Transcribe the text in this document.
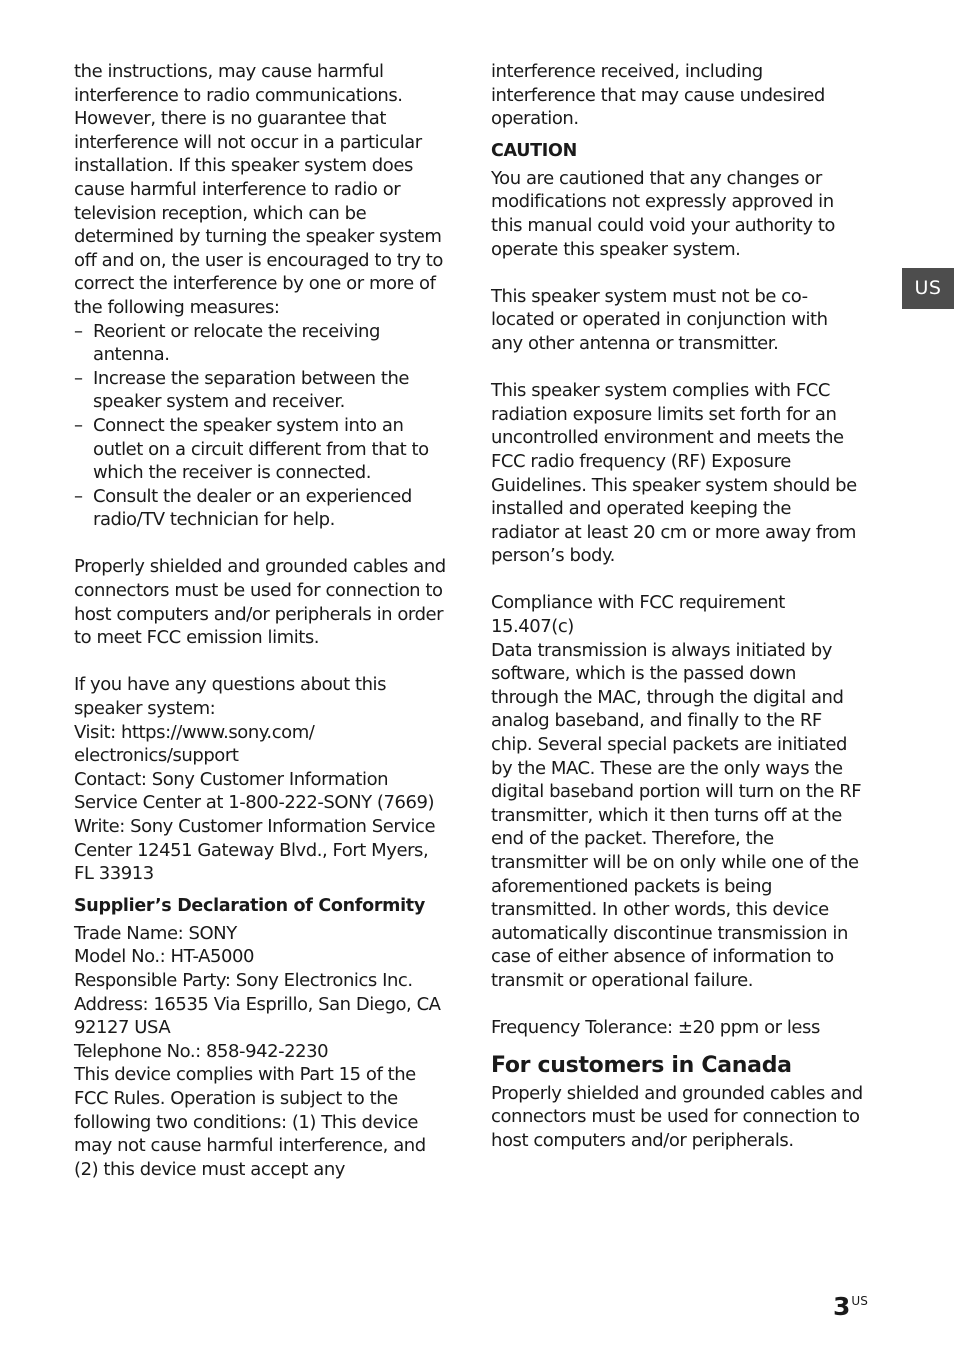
the instructions, may cause harmful interference to radio communications. However, there is no guarantee that interference will not occur in a particular installation. If this speaker system does cause harmful interference to radio or television reception, which can be determined by turning the speaker system off and on, the user is encouraged to try to correct the interference by one or more of the following measures:

– Reorient or relocate the receiving antenna.
– Increase the separation between the speaker system and receiver.
– Connect the speaker system into an outlet on a circuit different from that to which the receiver is connected.
– Consult the dealer or an experienced radio/TV technician for help.

Properly shielded and grounded cables and connectors must be used for connection to host computers and/or peripherals in order to meet FCC emission limits.

If you have any questions about this speaker system:

Visit: https://www.sony.com/ electronics/support

Contact: Sony Customer Information Service Center at 1-800-222-SONY (7669)

Write: Sony Customer Information Service Center 12451 Gateway Blvd., Fort Myers, FL 33913

Supplier’s Declaration of Conformity

Trade Name: SONY

Model No.: HT-A5000

Responsible Party: Sony Electronics Inc.

Address: 16535 Via Esprillo, San Diego, CA 92127 USA

Telephone No.: 858-942-2230

This device complies with Part 15 of the FCC Rules. Operation is subject to the following two conditions: (1) This device may not cause harmful interference, and (2) this device must accept any

interference received, including interference that may cause undesired operation.

CAUTION

You are cautioned that any changes or modifications not expressly approved in this manual could void your authority to operate this speaker system.

This speaker system must not be co-located or operated in conjunction with any other antenna or transmitter.

This speaker system complies with FCC radiation exposure limits set forth for an uncontrolled environment and meets the FCC radio frequency (RF) Exposure Guidelines. This speaker system should be installed and operated keeping the radiator at least 20 cm or more away from person’s body.

Compliance with FCC requirement 15.407(c)

Data transmission is always initiated by software, which is the passed down through the MAC, through the digital and analog baseband, and finally to the RF chip. Several special packets are initiated by the MAC. These are the only ways the digital baseband portion will turn on the RF transmitter, which it then turns off at the end of the packet. Therefore, the transmitter will be on only while one of the aforementioned packets is being transmitted. In other words, this device automatically discontinue transmission in case of either absence of information to transmit or operational failure.

Frequency Tolerance: ±20 ppm or less

For customers in Canada

Properly shielded and grounded cables and connectors must be used for connection to host computers and/or peripherals.

US
$3^{US}$
